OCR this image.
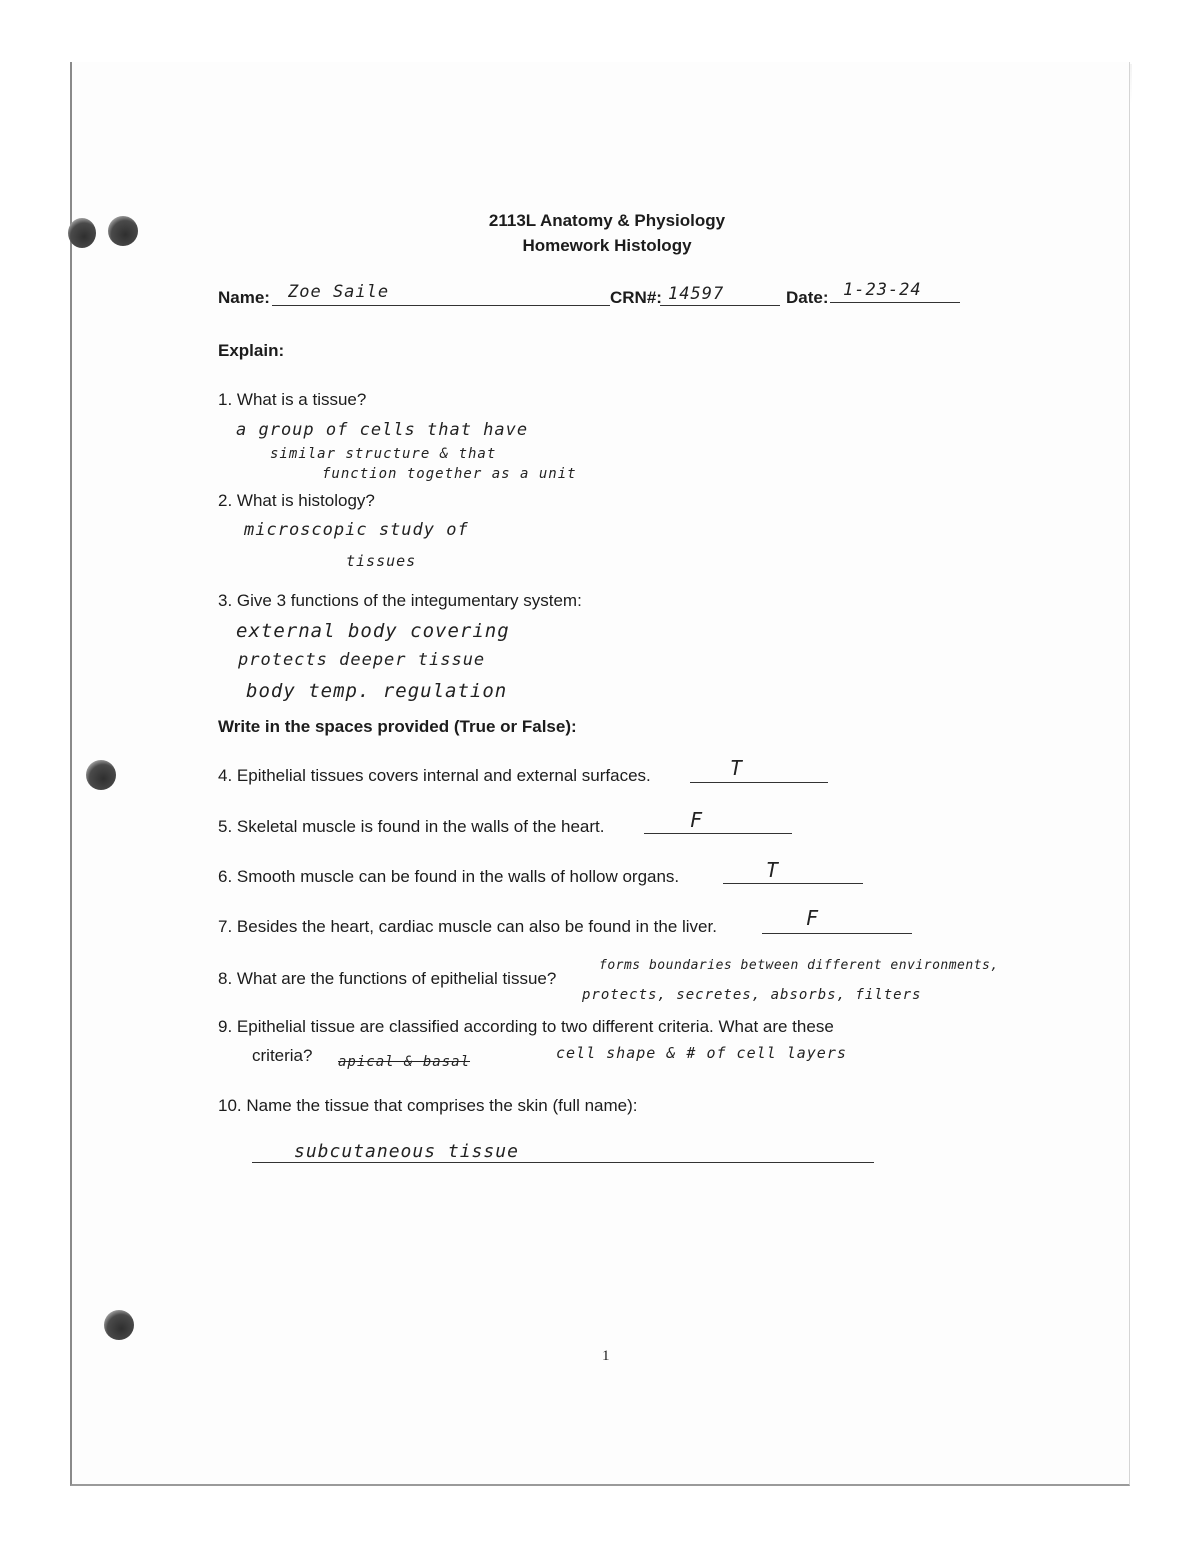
2113L Anatomy & Physiology
Homework Histology
Name: Zoe Saile	CRN#: 14597	Date: 1-23-24
Explain:
1. What is a tissue?
a group of cells that have
similar structure & that
function together as a unit
2. What is histology?
microscopic study of
tissues
3. Give 3 functions of the integumentary system:
external body covering
protects deeper tissue
body temp. regulation
Write in the spaces provided (True or False):
4. Epithelial tissues covers internal and external surfaces.	T
5. Skeletal muscle is found in the walls of the heart.	F
6. Smooth muscle can be found in the walls of hollow organs.	T
7. Besides the heart, cardiac muscle can also be found in the liver.	F
8. What are the functions of epithelial tissue?
forms boundaries between different environments,
protects, secretes, absorbs, filters
9. Epithelial tissue are classified according to two different criteria. What are these
criteria? apical & basal	cell shape & # of cell layers
10. Name the tissue that comprises the skin (full name):
subcutaneous tissue
1
